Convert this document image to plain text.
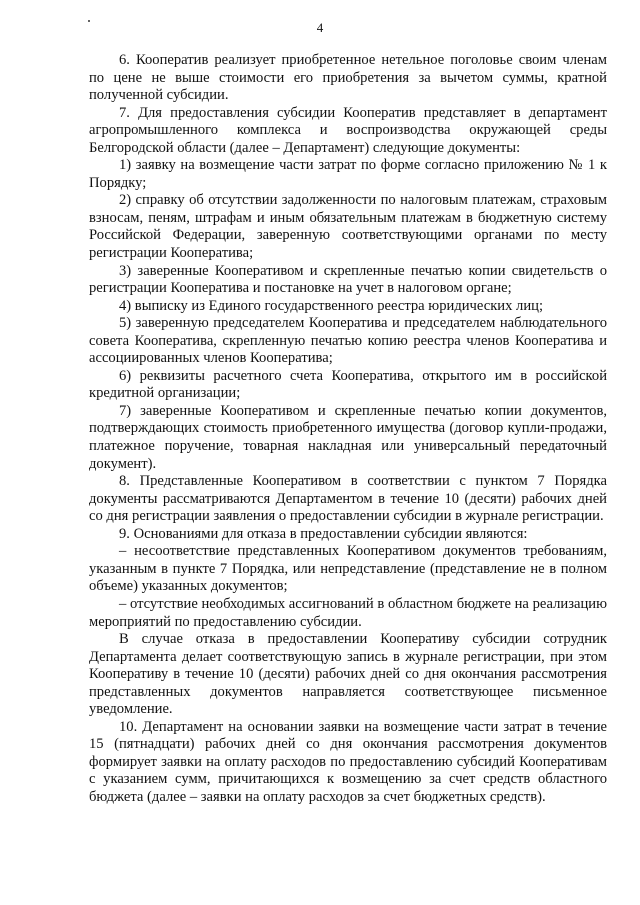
4

6. Кооператив реализует приобретенное нетельное поголовье своим членам по цене не выше стоимости его приобретения за вычетом суммы, кратной полученной субсидии.

7. Для предоставления субсидии Кооператив представляет в департамент агропромышленного комплекса и воспроизводства окружающей среды Белгородской области (далее – Департамент) следующие документы:

1) заявку на возмещение части затрат по форме согласно приложению № 1 к Порядку;

2) справку об отсутствии задолженности по налоговым платежам, страховым взносам, пеням, штрафам и иным обязательным платежам в бюджетную систему Российской Федерации, заверенную соответствующими органами по месту регистрации Кооператива;

3) заверенные Кооперативом и скрепленные печатью копии свидетельств о регистрации Кооператива и постановке на учет в налоговом органе;

4) выписку из Единого государственного реестра юридических лиц;

5) заверенную председателем Кооператива и председателем наблюдательного совета Кооператива, скрепленную печатью копию реестра членов Кооператива и ассоциированных членов Кооператива;

6) реквизиты расчетного счета Кооператива, открытого им в российской кредитной организации;

7) заверенные Кооперативом и скрепленные печатью копии документов, подтверждающих стоимость приобретенного имущества (договор купли-продажи, платежное поручение, товарная накладная или универсальный передаточный документ).

8. Представленные Кооперативом в соответствии с пунктом 7 Порядка документы рассматриваются Департаментом в течение 10 (десяти) рабочих дней со дня регистрации заявления о предоставлении субсидии в журнале регистрации.

9. Основаниями для отказа в предоставлении субсидии являются:

– несоответствие представленных Кооперативом документов требованиям, указанным в пункте 7 Порядка, или непредставление (представление не в полном объеме) указанных документов;

– отсутствие необходимых ассигнований в областном бюджете на реализацию мероприятий по предоставлению субсидии.

В случае отказа в предоставлении Кооперативу субсидии сотрудник Департамента делает соответствующую запись в журнале регистрации, при этом Кооперативу в течение 10 (десяти) рабочих дней со дня окончания рассмотрения представленных документов направляется соответствующее письменное уведомление.

10. Департамент на основании заявки на возмещение части затрат в течение 15 (пятнадцати) рабочих дней со дня окончания рассмотрения документов формирует заявки на оплату расходов по предоставлению субсидий Кооперативам с указанием сумм, причитающихся к возмещению за счет средств областного бюджета (далее – заявки на оплату расходов за счет бюджетных средств).
